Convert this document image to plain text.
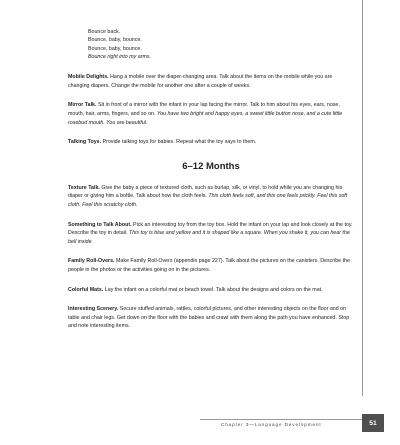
Bounce back.
Bounce, baby, bounce.
Bounce, baby, bounce.
Bounce right into my arms.

Mobile Delights. Hang a mobile over the diaper-changing area. Talk about the items on the mobile while you are changing diapers. Change the mobile for another one after a couple of weeks.

Mirror Talk. Sit in front of a mirror with the infant in your lap facing the mirror. Talk to him about his eyes, ears, nose, mouth, hair, arms, fingers, and so on. You have two bright and happy eyes, a sweet little button nose, and a cute little rosebud mouth. You are beautiful.

Talking Toys. Provide talking toys for babies. Repeat what the toy says to them.

6–12 Months

Texture Talk. Give the baby a piece of textured cloth, such as burlap, silk, or vinyl, to hold while you are changing his diaper or giving him a bottle. Talk about how the cloth feels. This cloth feels soft, and this one feels prickly. Feel this soft cloth. Feel this scratchy cloth.

Something to Talk About. Pick an interesting toy from the toy box. Hold the infant on your lap and look closely at the toy. Describe the toy in detail. This toy is blue and yellow and it is shaped like a square. When you shake it, you can hear the bell inside.

Family Roll-Overs. Make Family Roll-Overs (appendix page 227). Talk about the pictures on the canisters. Describe the people in the photos or the activities going on in the pictures.

Colorful Mats. Lay the infant on a colorful mat or beach towel. Talk about the designs and colors on the mat.

Interesting Scenery. Secure stuffed animals, rattles, colorful pictures, and other interesting objects on the floor and on table and chair legs. Get down on the floor with the babies and crawl with them along the path you have enhanced. Stop and note interesting items.

Chapter 3—Language Development	51
